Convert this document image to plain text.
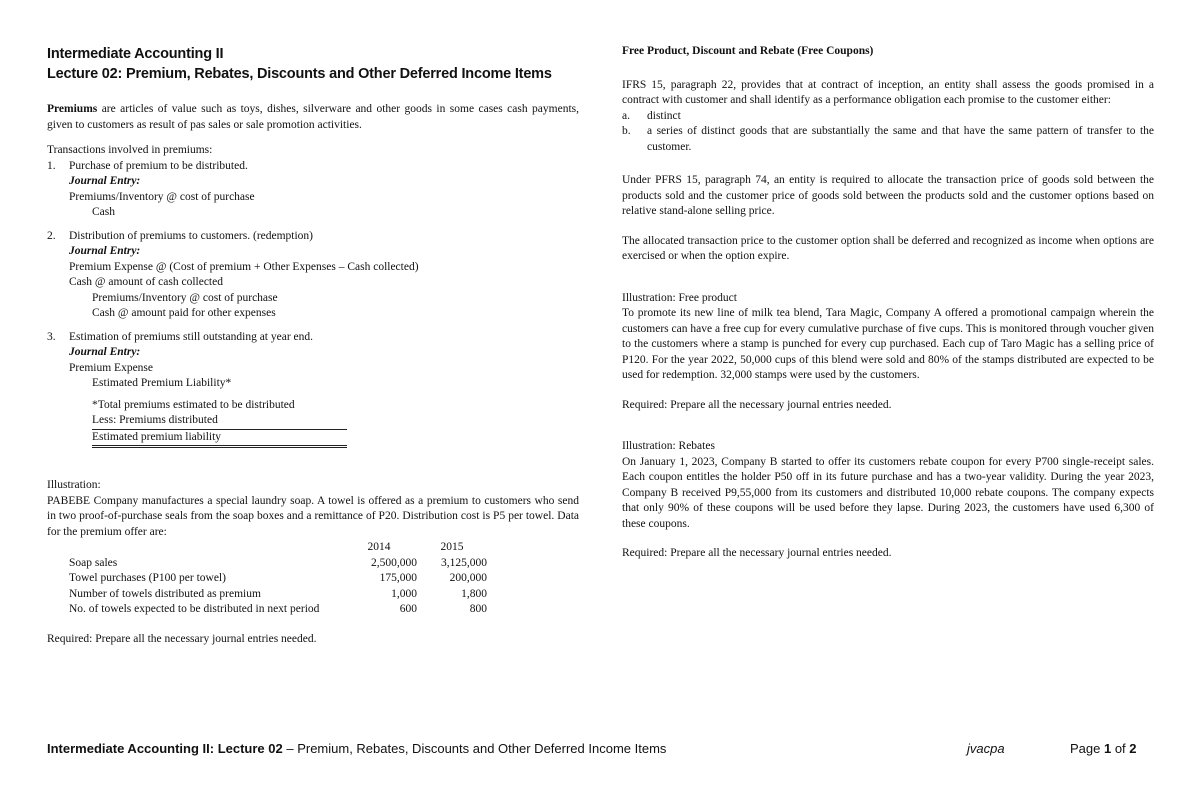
Intermediate Accounting II
Lecture 02: Premium, Rebates, Discounts and Other Deferred Income Items

Premiums are articles of value such as toys, dishes, silverware and other goods in some cases cash payments, given to customers as result of pas sales or sale promotion activities.

Transactions involved in premiums:

1.	Purchase of premium to be distributed.
Journal Entry:
Premiums/Inventory @ cost of purchase
Cash
2.	Distribution of premiums to customers. (redemption)
Journal Entry:
Premium Expense @ (Cost of premium + Other Expenses – Cash collected)
Cash @ amount of cash collected
Premiums/Inventory @ cost of purchase
Cash @ amount paid for other expenses
3.	Estimation of premiums still outstanding at year end.
Journal Entry:
Premium Expense
Estimated Premium Liability*
*Total premiums estimated to be distributed
Less: Premiums distributed
Estimated premium liability

Illustration:

PABEBE Company manufactures a special laundry soap. A towel is offered as a premium to customers who send in two proof-of-purchase seals from the soap boxes and a remittance of P20. Distribution cost is P5 per towel. Data for the premium offer are:

	2014	2015
Soap sales	2,500,000	3,125,000
Towel purchases (P100 per towel)	175,000	200,000
Number of towels distributed as premium	1,000	1,800
No. of towels expected to be distributed in next period	600	800

Required: Prepare all the necessary journal entries needed.

Free Product, Discount and Rebate (Free Coupons)

IFRS 15, paragraph 22, provides that at contract of inception, an entity shall assess the goods promised in a contract with customer and shall identify as a performance obligation each promise to the customer either:

a.	distinct
b.	a series of distinct goods that are substantially the same and that have the same pattern of transfer to the customer.

Under PFRS 15, paragraph 74, an entity is required to allocate the transaction price of goods sold between the products sold and the customer price of goods sold between the products sold and the customer options based on relative stand-alone selling price.

The allocated transaction price to the customer option shall be deferred and recognized as income when options are exercised or when the option expire.

Illustration: Free product

To promote its new line of milk tea blend, Tara Magic, Company A offered a promotional campaign wherein the customers can have a free cup for every cumulative purchase of five cups. This is monitored through voucher given to the customers where a stamp is punched for every cup purchased. Each cup of Taro Magic has a selling price of P120. For the year 2022, 50,000 cups of this blend were sold and 80% of the stamps distributed are expected to be used for redemption. 32,000 stamps were used by the customers.

Required: Prepare all the necessary journal entries needed.

Illustration: Rebates

On January 1, 2023, Company B started to offer its customers rebate coupon for every P700 single-receipt sales. Each coupon entitles the holder P50 off in its future purchase and has a two-year validity. During the year 2023, Company B received P9,55,000 from its customers and distributed 10,000 rebate coupons. The company expects that only 90% of these coupons will be used before they lapse. During 2023, the customers have used 6,300 of these coupons.

Required: Prepare all the necessary journal entries needed.

Intermediate Accounting II: Lecture 02 – Premium, Rebates, Discounts and Other Deferred Income Items	jvacpa	Page 1 of 2
